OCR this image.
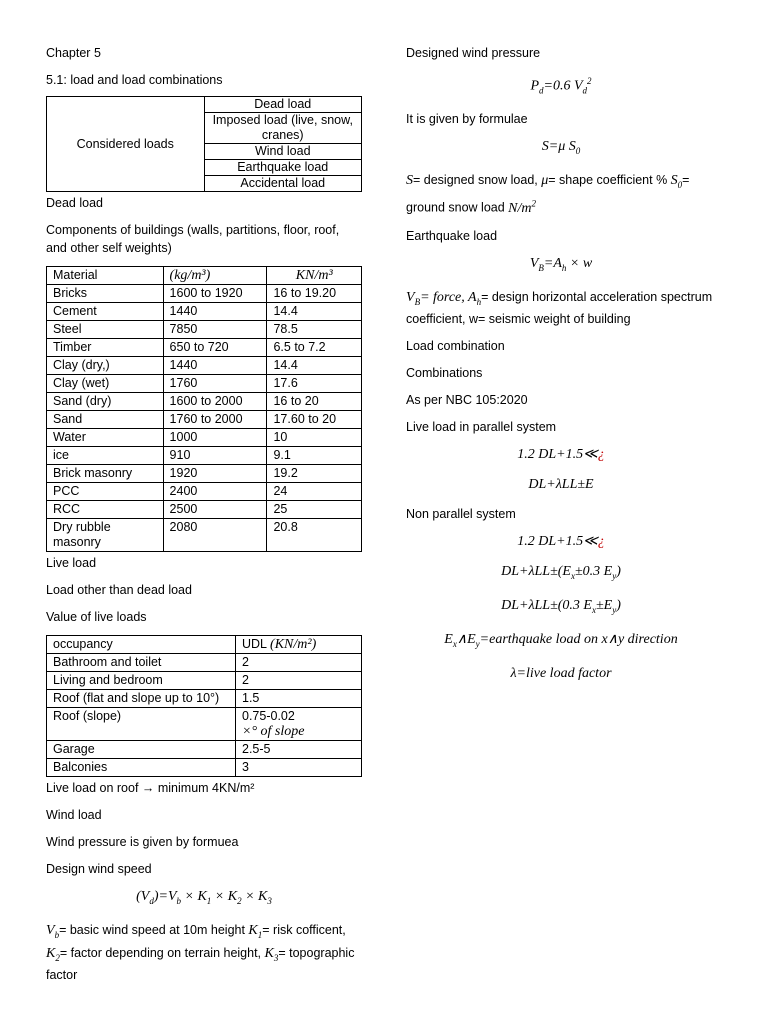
Chapter 5

5.1: load and load combinations

Considered loads	Dead load
Imposed load (live, snow, cranes)
Wind load
Earthquake load
Accidental load

Dead load

Components of buildings (walls, partitions, floor, roof, and other self weights)

Material	(kg/m³)	KN/m³
Bricks	1600 to 1920	16 to 19.20
Cement	1440	14.4
Steel	7850	78.5
Timber	650 to 720	6.5 to 7.2
Clay (dry,)	1440	14.4
Clay (wet)	1760	17.6
Sand (dry)	1600 to 2000	16 to 20
Sand	1760 to 2000	17.60 to 20
Water	1000	10
ice	910	9.1
Brick masonry	1920	19.2
PCC	2400	24
RCC	2500	25
Dry rubble masonry	2080	20.8

Live load

Load other than dead load

Value of live loads

occupancy	UDL (KN/m²)
Bathroom and toilet	2
Living and bedroom	2
Roof (flat and slope up to 10°)	1.5
Roof (slope)	0.75-0.02
×° of slope
Garage	2.5-5
Balconies	3

Live load on roof → minimum 4KN/m²

Wind load

Wind pressure is given by formuea

Design wind speed

$(V_d)=V_b \times K_1 \times K_2 \times K_3$

$V_b=$ basic wind speed at 10m height $K_1=$ risk cofficent, $K_2=$ factor depending on terrain height, $K_3=$ topographic factor

Designed wind pressure

$P_d=0.6$ $V_d^2$

It is given by formulae

S=μ $S_0$

S= designed snow load, μ= shape coefficient % $S_0=$ ground snow load $N/m^2$

Earthquake load

$V_B=A_h \times w$

$V_B=$ force, $A_h=$ design horizontal acceleration spectrum coefficient, w= seismic weight of building

Load combination

Combinations

As per NBC 105:2020

Live load in parallel system

1.2 DL+1.5≪¿

DL+λLL±E

Non parallel system

1.2 DL+1.5≪¿

$DL+\lambda LL\pm(E_x\pm 0.3$ $E_y$)

DL+λLL±(0.3 $E_x\pm E_y$)

$E_x\wedge E_y=earthquake$ load on x∧y direction

λ=live load factor
